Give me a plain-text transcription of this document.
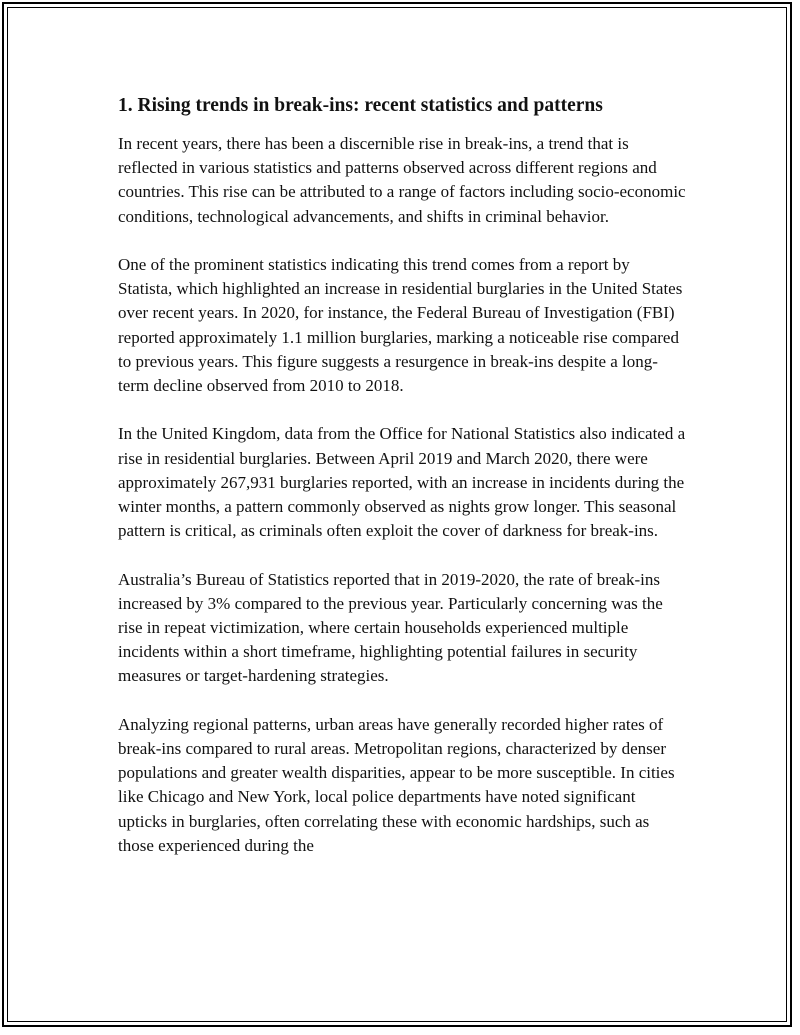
1. Rising trends in break-ins: recent statistics and patterns

In recent years, there has been a discernible rise in break-ins, a trend that is reflected in various statistics and patterns observed across different regions and countries. This rise can be attributed to a range of factors including socio-economic conditions, technological advancements, and shifts in criminal behavior.

One of the prominent statistics indicating this trend comes from a report by Statista, which highlighted an increase in residential burglaries in the United States over recent years. In 2020, for instance, the Federal Bureau of Investigation (FBI) reported approximately 1.1 million burglaries, marking a noticeable rise compared to previous years. This figure suggests a resurgence in break-ins despite a long-term decline observed from 2010 to 2018.

In the United Kingdom, data from the Office for National Statistics also indicated a rise in residential burglaries. Between April 2019 and March 2020, there were approximately 267,931 burglaries reported, with an increase in incidents during the winter months, a pattern commonly observed as nights grow longer. This seasonal pattern is critical, as criminals often exploit the cover of darkness for break-ins.

Australia’s Bureau of Statistics reported that in 2019-2020, the rate of break-ins increased by 3% compared to the previous year. Particularly concerning was the rise in repeat victimization, where certain households experienced multiple incidents within a short timeframe, highlighting potential failures in security measures or target-hardening strategies.

Analyzing regional patterns, urban areas have generally recorded higher rates of break-ins compared to rural areas. Metropolitan regions, characterized by denser populations and greater wealth disparities, appear to be more susceptible. In cities like Chicago and New York, local police departments have noted significant upticks in burglaries, often correlating these with economic hardships, such as those experienced during the
